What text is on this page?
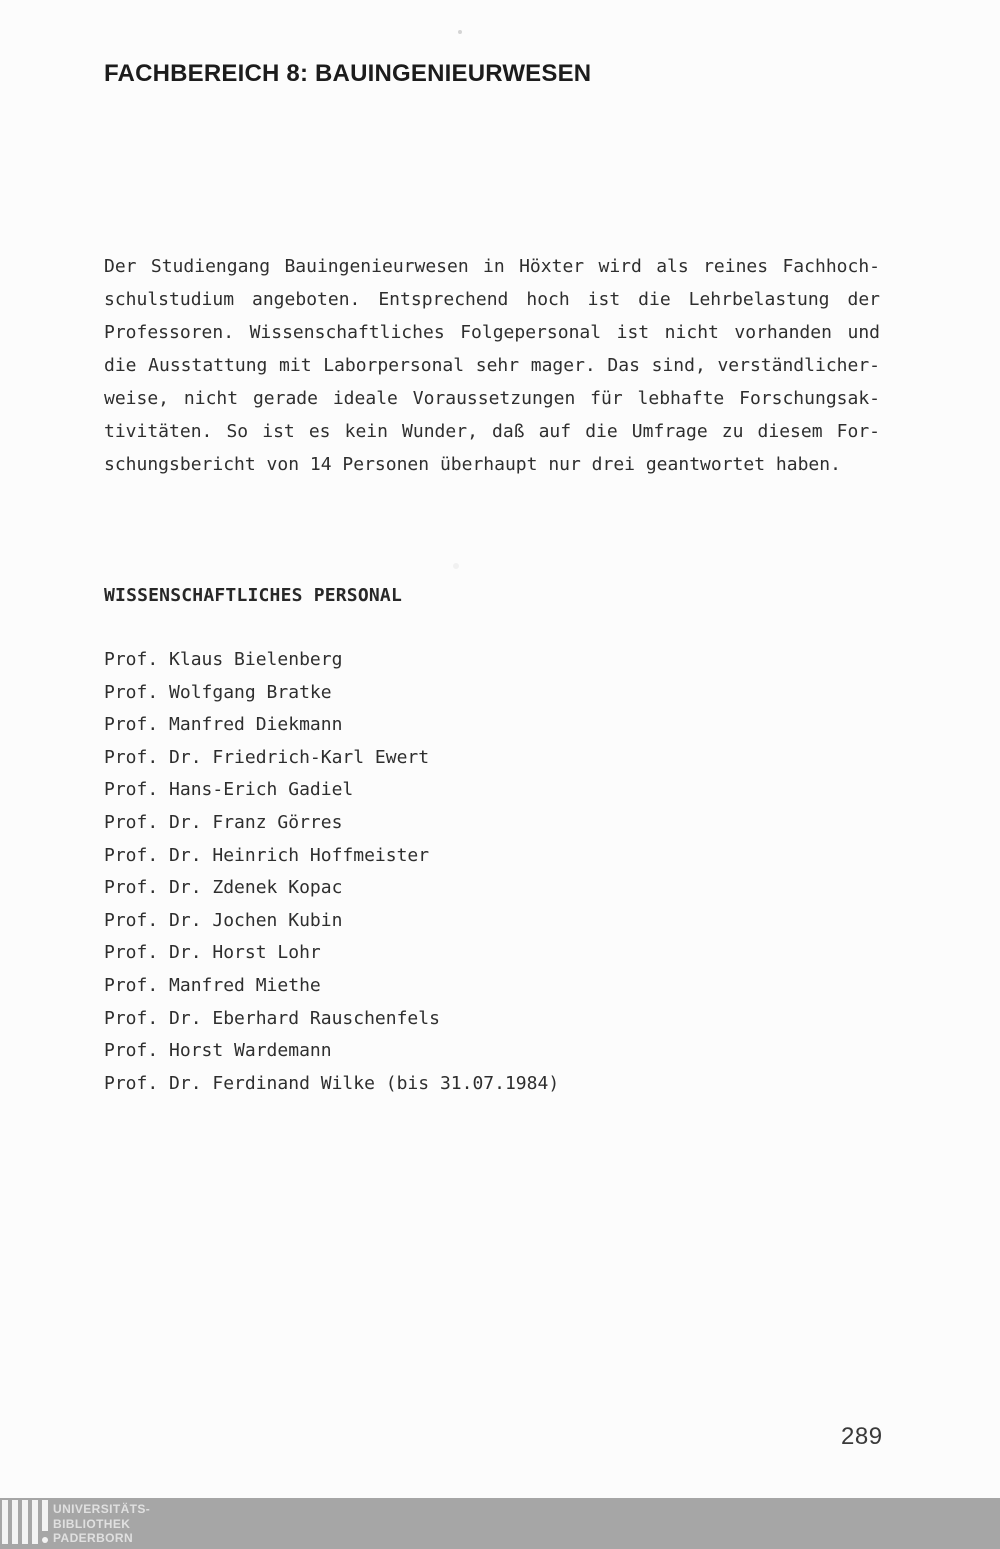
FACHBEREICH 8: BAUINGENIEURWESEN
Der Studiengang Bauingenieurwesen in Höxter wird als reines Fachhoch-
schulstudium angeboten. Entsprechend hoch ist die Lehrbelastung der
Professoren. Wissenschaftliches Folgepersonal ist nicht vorhanden und
die Ausstattung mit Laborpersonal sehr mager. Das sind, verständlicher-
weise, nicht gerade ideale Voraussetzungen für lebhafte Forschungsak-
tivitäten. So ist es kein Wunder, daß auf die Umfrage zu diesem For-
schungsbericht von 14 Personen überhaupt nur drei geantwortet haben.
WISSENSCHAFTLICHES PERSONAL
Prof. Klaus Bielenberg
Prof. Wolfgang Bratke
Prof. Manfred Diekmann
Prof. Dr. Friedrich-Karl Ewert
Prof. Hans-Erich Gadiel
Prof. Dr. Franz Görres
Prof. Dr. Heinrich Hoffmeister
Prof. Dr. Zdenek Kopac
Prof. Dr. Jochen Kubin
Prof. Dr. Horst Lohr
Prof. Manfred Miethe
Prof. Dr. Eberhard Rauschenfels
Prof. Horst Wardemann
Prof. Dr. Ferdinand Wilke (bis 31.07.1984)
289
UNIVERSITÄTS-
BIBLIOTHEK
PADERBORN
